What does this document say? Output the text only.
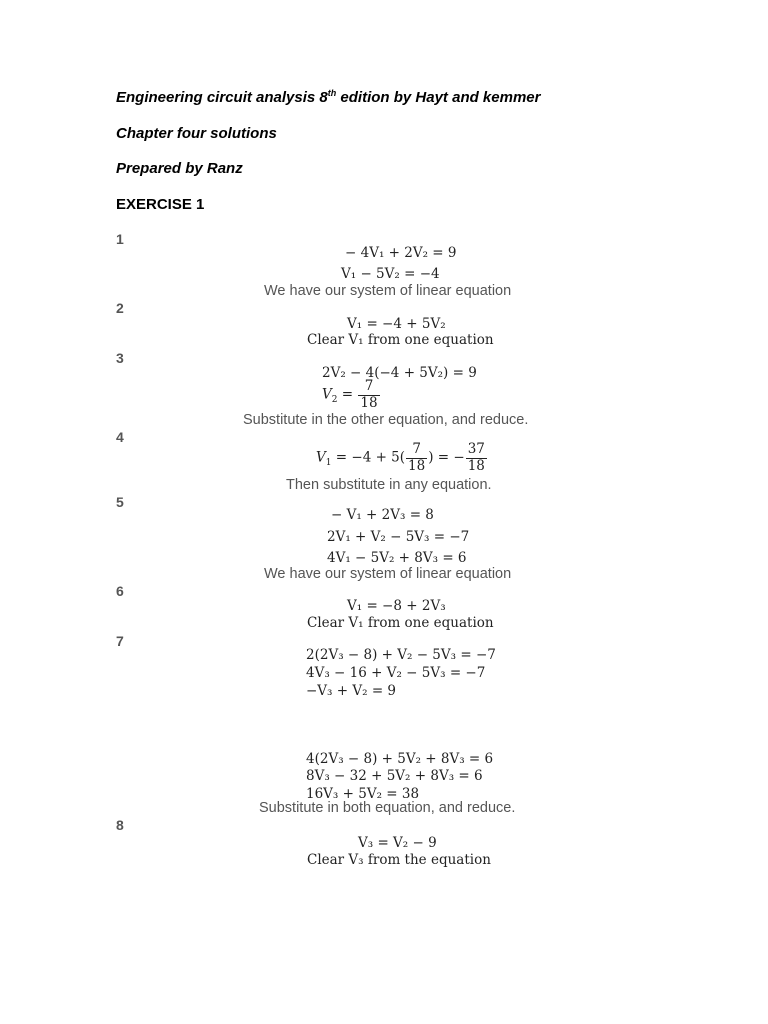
Engineering circuit analysis 8th edition by Hayt and kemmer
Chapter four solutions
Prepared by Ranz
EXERCISE 1
1
− 4V₁ + 2V₂ = 9
V₁ − 5V₂ = −4
We have our system of linear equation
2
V₁ = −4 + 5V₂
Clear V₁ from one equation
3
2V₂ − 4(−4 + 5V₂) = 9
$V_2 = \frac{7}{18}$
Substitute in the other equation, and reduce.
4
$V_1 = -4 + 5( \frac{7}{18}$ ) = − $\frac{37}{18}$
Then substitute in any equation.
5
− V₁ + 2V₃ = 8
2V₁ + V₂ − 5V₃ = −7
4V₁ − 5V₂ + 8V₃ = 6
We have our system of linear equation
6
V₁ = −8 + 2V₃
Clear V₁ from one equation
7
2(2V₃ − 8) + V₂ − 5V₃ = −7
4V₃ − 16 + V₂ − 5V₃ = −7
−V₃ + V₂ = 9
4(2V₃ − 8) + 5V₂ + 8V₃ = 6
8V₃ − 32 + 5V₂ + 8V₃ = 6
16V₃ + 5V₂ = 38
Substitute in both equation, and reduce.
8
V₃ = V₂ − 9
Clear V₃ from the equation
